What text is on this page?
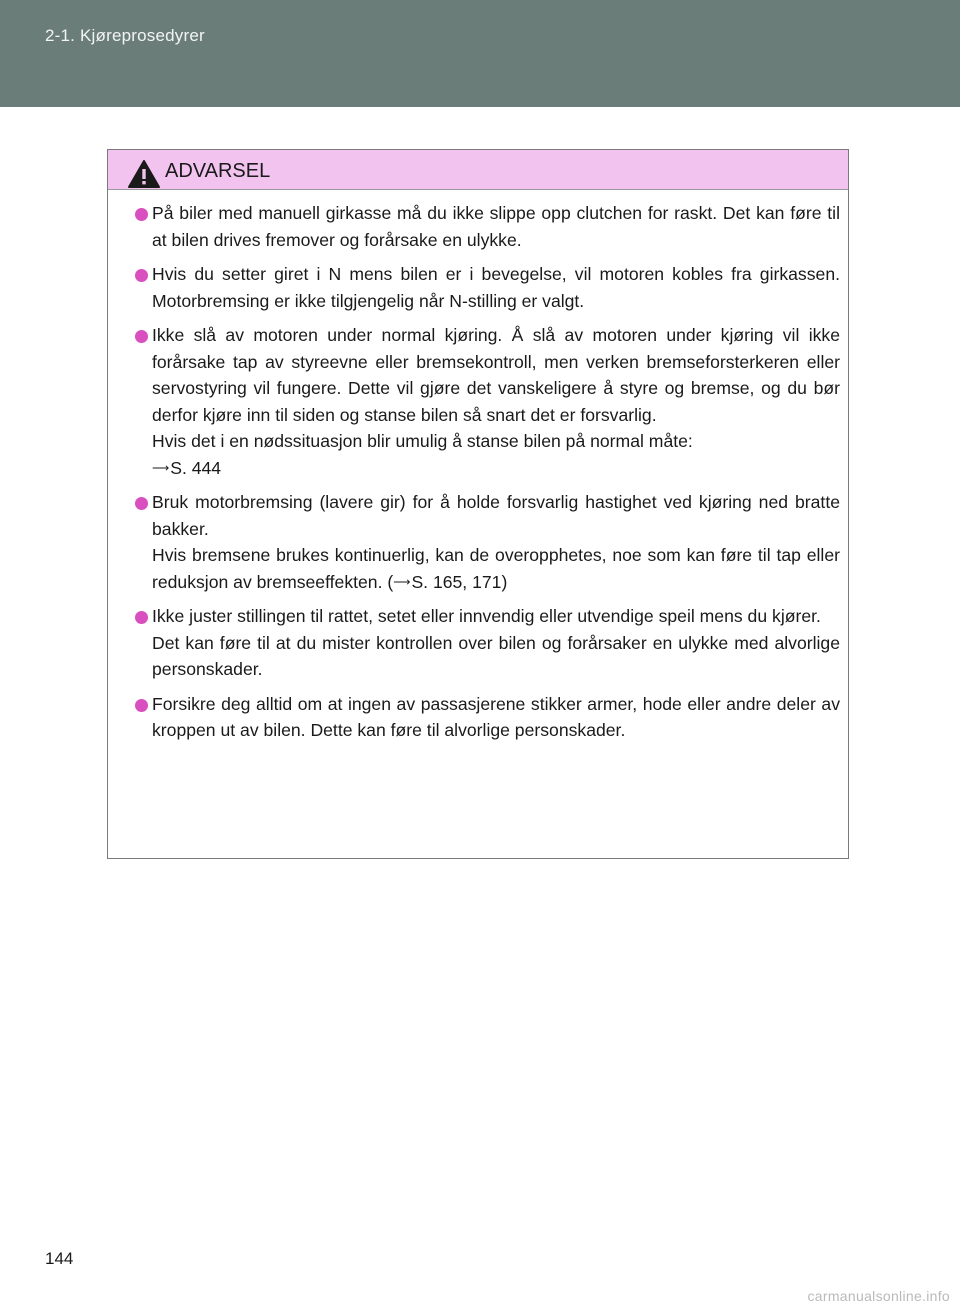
2-1. Kjøreprosedyrer
ADVARSEL
På biler med manuell girkasse må du ikke slippe opp clutchen for raskt. Det kan føre til at bilen drives fremover og forårsake en ulykke.
Hvis du setter giret i N mens bilen er i bevegelse, vil motoren kobles fra girkassen. Motorbremsing er ikke tilgjengelig når N-stilling er valgt.
Ikke slå av motoren under normal kjøring. Å slå av motoren under kjøring vil ikke forårsake tap av styreevne eller bremsekontroll, men verken bremseforsterkeren eller servostyring vil fungere. Dette vil gjøre det vanskeligere å styre og bremse, og du bør derfor kjøre inn til siden og stanse bilen så snart det er forsvarlig.
Hvis det i en nødssituasjon blir umulig å stanse bilen på normal måte:
⟶S. 444
Bruk motorbremsing (lavere gir) for å holde forsvarlig hastighet ved kjøring ned bratte bakker.
Hvis bremsene brukes kontinuerlig, kan de overopphetes, noe som kan føre til tap eller reduksjon av bremseeffekten. (⟶S. 165, 171)
Ikke juster stillingen til rattet, setet eller innvendig eller utvendige speil mens du kjører.
Det kan føre til at du mister kontrollen over bilen og forårsaker en ulykke med alvorlige personskader.
Forsikre deg alltid om at ingen av passasjerene stikker armer, hode eller andre deler av kroppen ut av bilen. Dette kan føre til alvorlige personskader.
144
carmanualsonline.info
